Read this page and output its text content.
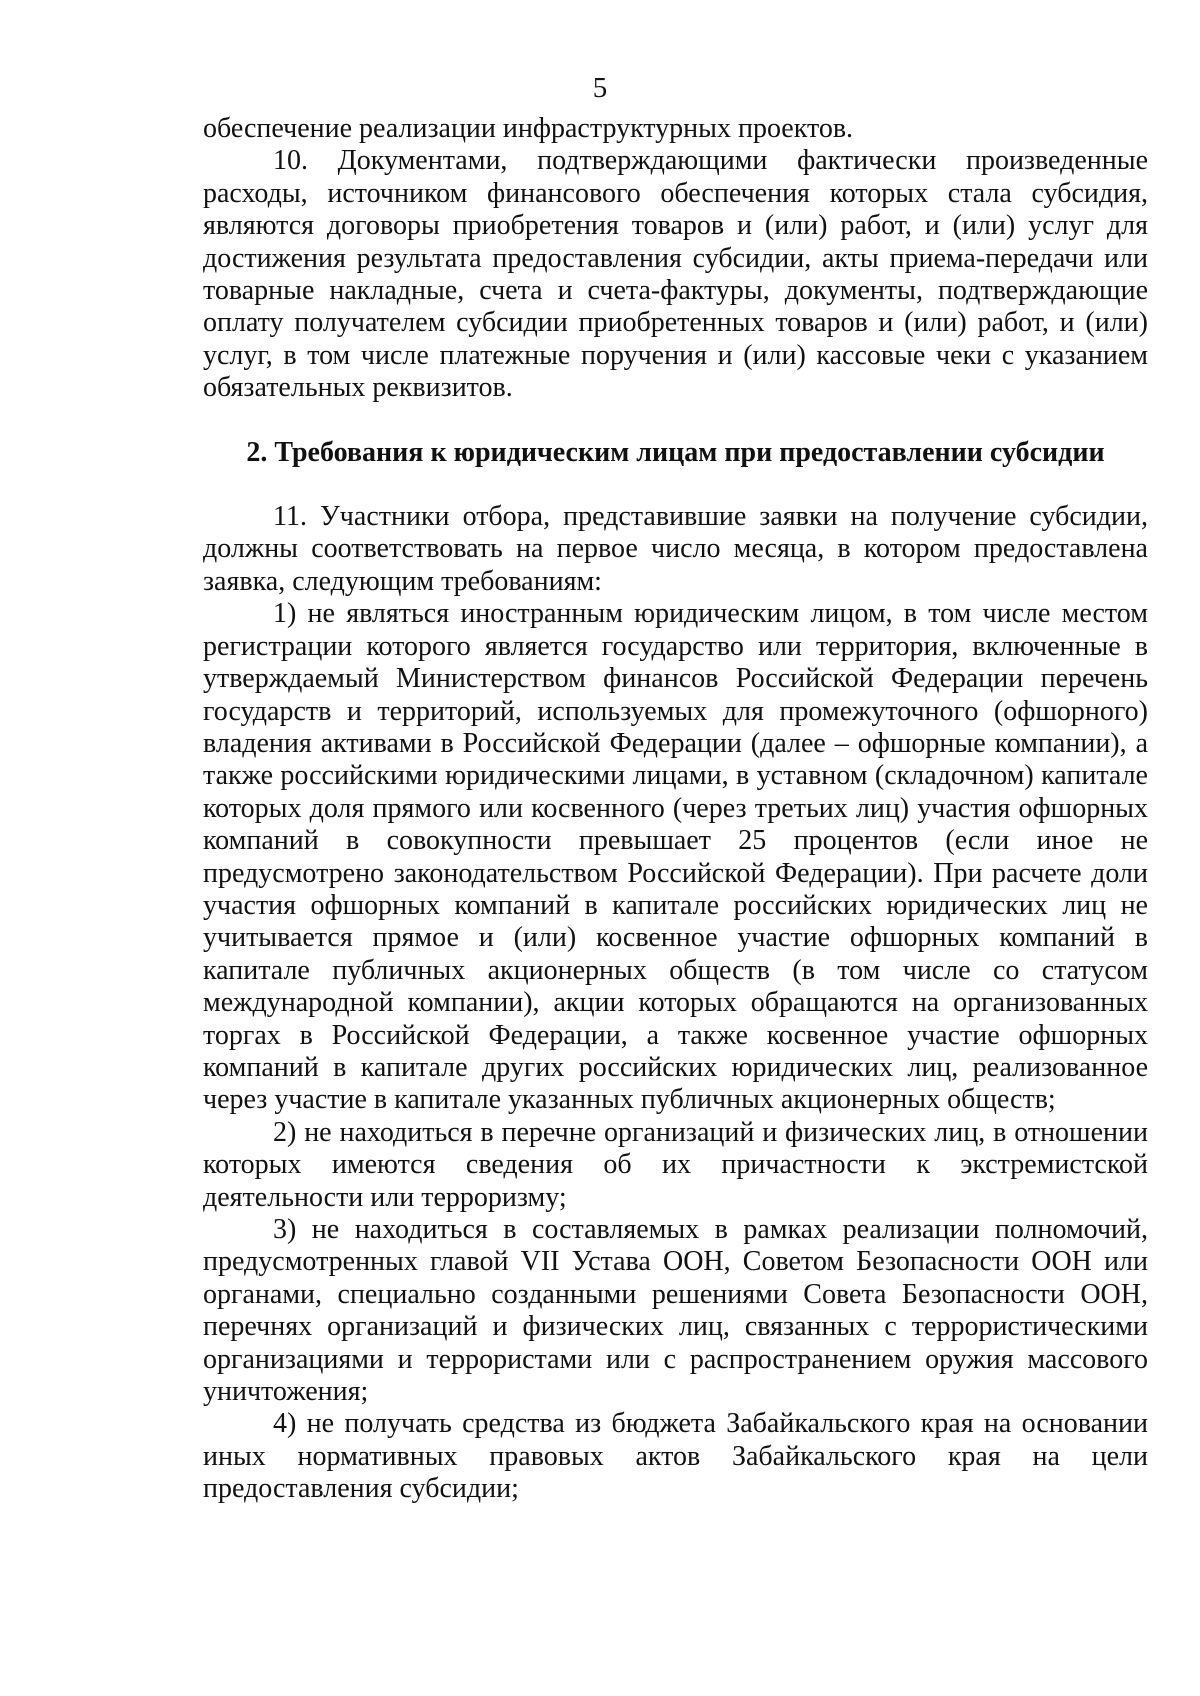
5

обеспечение реализации инфраструктурных проектов.

10. Документами, подтверждающими фактически произведенные расходы, источником финансового обеспечения которых стала субсидия, являются договоры приобретения товаров и (или) работ, и (или) услуг для достижения результата предоставления субсидии, акты приема-передачи или товарные накладные, счета и счета-фактуры, документы, подтверждающие оплату получателем субсидии приобретенных товаров и (или) работ, и (или) услуг, в том числе платежные поручения и (или) кассовые чеки с указанием обязательных реквизитов.

2. Требования к юридическим лицам при предоставлении субсидии

11. Участники отбора, представившие заявки на получение субсидии, должны соответствовать на первое число месяца, в котором предоставлена заявка, следующим требованиям:

1) не являться иностранным юридическим лицом, в том числе местом регистрации которого является государство или территория, включенные в утверждаемый Министерством финансов Российской Федерации перечень государств и территорий, используемых для промежуточного (офшорного) владения активами в Российской Федерации (далее – офшорные компании), а также российскими юридическими лицами, в уставном (складочном) капитале которых доля прямого или косвенного (через третьих лиц) участия офшорных компаний в совокупности превышает 25 процентов (если иное не предусмотрено законодательством Российской Федерации). При расчете доли участия офшорных компаний в капитале российских юридических лиц не учитывается прямое и (или) косвенное участие офшорных компаний в капитале публичных акционерных обществ (в том числе со статусом международной компании), акции которых обращаются на организованных торгах в Российской Федерации, а также косвенное участие офшорных компаний в капитале других российских юридических лиц, реализованное через участие в капитале указанных публичных акционерных обществ;

2) не находиться в перечне организаций и физических лиц, в отношении которых имеются сведения об их причастности к экстремистской деятельности или терроризму;

3) не находиться в составляемых в рамках реализации полномочий, предусмотренных главой VII Устава ООН, Советом Безопасности ООН или органами, специально созданными решениями Совета Безопасности ООН, перечнях организаций и физических лиц, связанных с террористическими организациями и террористами или с распространением оружия массового уничтожения;

4) не получать средства из бюджета Забайкальского края на основании иных нормативных правовых актов Забайкальского края на цели предоставления субсидии;
